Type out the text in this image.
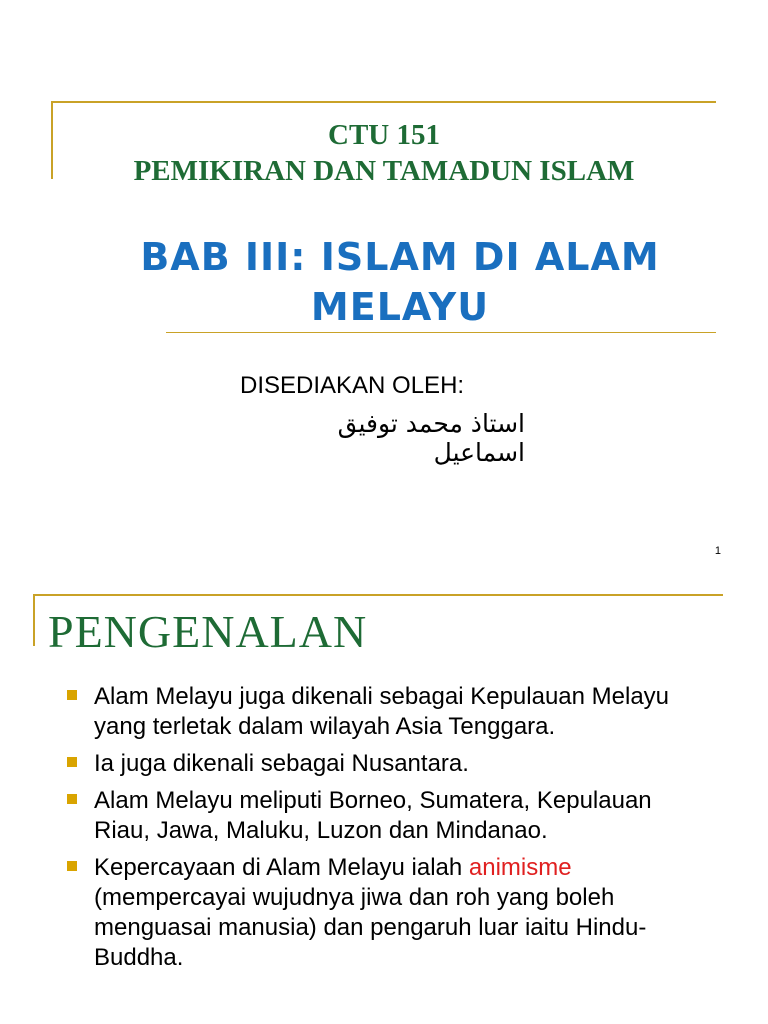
CTU 151
PEMIKIRAN DAN TAMADUN ISLAM
BAB III: ISLAM DI ALAM MELAYU
DISEDIAKAN OLEH:
استاذ محمد توفيق اسماعيل
1
PENGENALAN
Alam Melayu juga dikenali sebagai Kepulauan Melayu yang terletak dalam wilayah Asia Tenggara.
Ia juga dikenali sebagai Nusantara.
Alam Melayu meliputi Borneo, Sumatera, Kepulauan Riau, Jawa, Maluku, Luzon dan Mindanao.
Kepercayaan di Alam Melayu ialah animisme (mempercayai wujudnya jiwa dan roh yang boleh menguasai manusia) dan pengaruh luar iaitu Hindu-Buddha.
